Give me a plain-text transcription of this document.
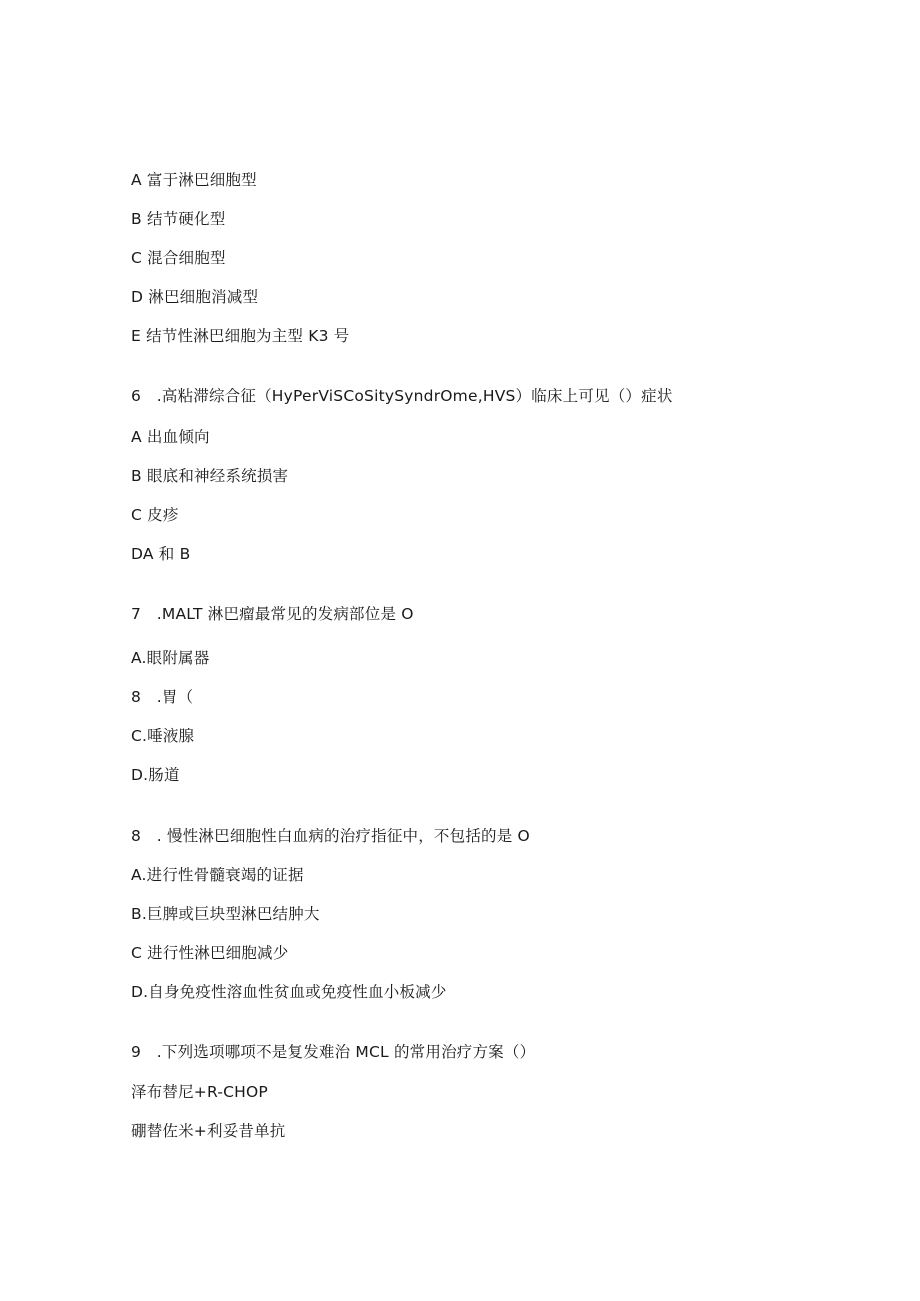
A 富于淋巴细胞型
B 结节硬化型
C 混合细胞型
D 淋巴细胞消减型
E 结节性淋巴细胞为主型 K3 号
6　.高粘滞综合征（HyPerViSCoSitySyndrOme,HVS）临床上可见（）症状
A 出血倾向
B 眼底和神经系统损害
C 皮疹
DA 和 B
7　.MALT 淋巴瘤最常见的发病部位是 O
A.眼附属器
8　.胃（
C.唾液腺
D.肠道
8　. 慢性淋巴细胞性白血病的治疗指征中，不包括的是 O
A.进行性骨髓衰竭的证据
B.巨脾或巨块型淋巴结肿大
C 进行性淋巴细胞减少
D.自身免疫性溶血性贫血或免疫性血小板减少
9　.下列选项哪项不是复发难治 MCL 的常用治疗方案（）
泽布替尼+R-CHOP
硼替佐米+利妥昔单抗
